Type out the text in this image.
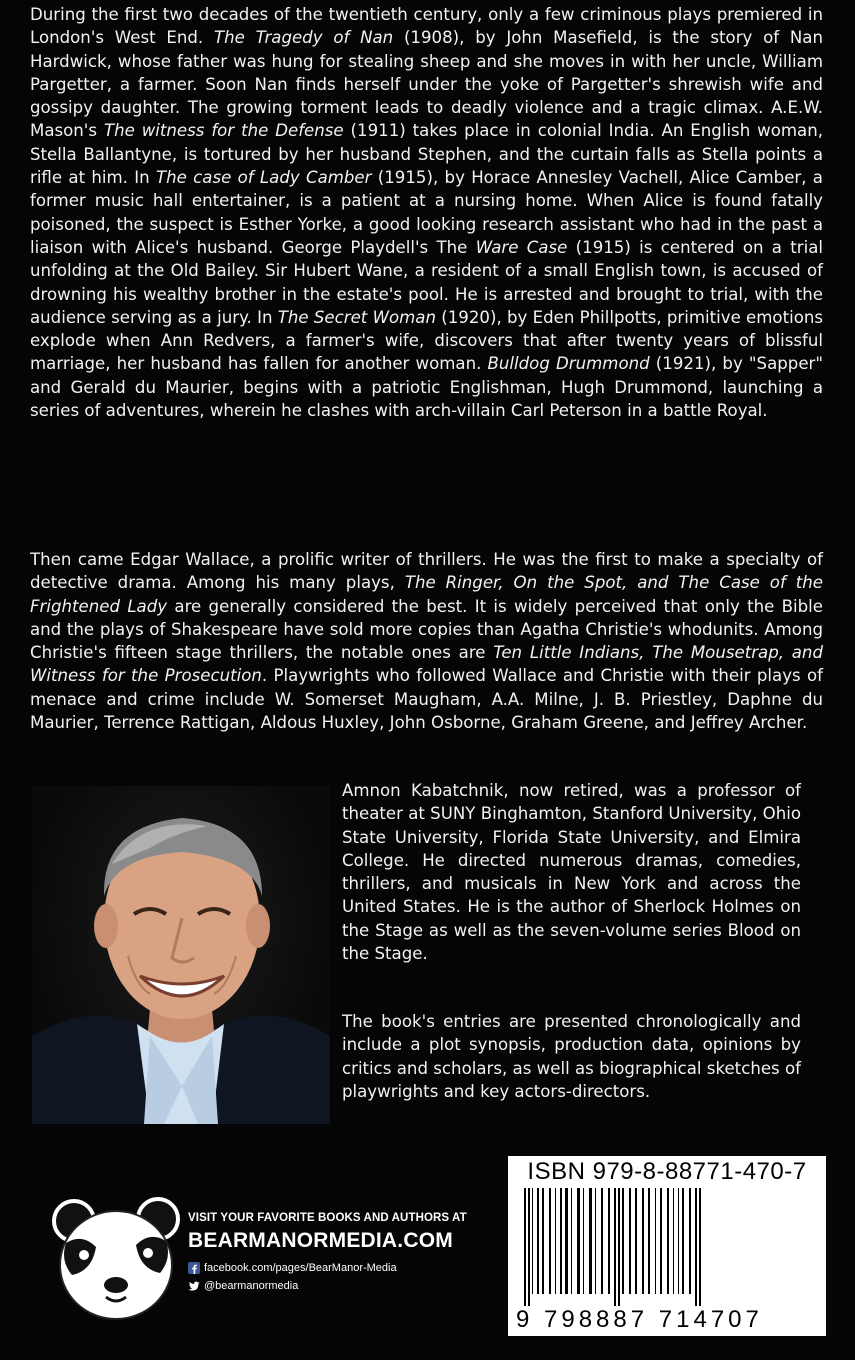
During the first two decades of the twentieth century, only a few criminous plays premiered in London's West End. The Tragedy of Nan (1908), by John Masefield, is the story of Nan Hardwick, whose father was hung for stealing sheep and she moves in with her uncle, William Pargetter, a farmer. Soon Nan finds herself under the yoke of Pargetter's shrewish wife and gossipy daughter. The growing torment leads to deadly violence and a tragic climax. A.E.W. Mason's The witness for the Defense (1911) takes place in colonial India. An English woman, Stella Ballantyne, is tortured by her husband Stephen, and the curtain falls as Stella points a rifle at him. In The case of Lady Camber (1915), by Horace Annesley Vachell, Alice Camber, a former music hall entertainer, is a patient at a nursing home. When Alice is found fatally poisoned, the suspect is Esther Yorke, a good looking research assistant who had in the past a liaison with Alice's husband. George Playdell's The Ware Case (1915) is centered on a trial unfolding at the Old Bailey. Sir Hubert Wane, a resident of a small English town, is accused of drowning his wealthy brother in the estate's pool. He is arrested and brought to trial, with the audience serving as a jury. In The Secret Woman (1920), by Eden Phillpotts, primitive emotions explode when Ann Redvers, a farmer's wife, discovers that after twenty years of blissful marriage, her husband has fallen for another woman. Bulldog Drummond (1921), by "Sapper" and Gerald du Maurier, begins with a patriotic Englishman, Hugh Drummond, launching a series of adventures, wherein he clashes with arch-villain Carl Peterson in a battle Royal.

Then came Edgar Wallace, a prolific writer of thrillers. He was the first to make a specialty of detective drama. Among his many plays, The Ringer, On the Spot, and The Case of the Frightened Lady are generally considered the best. It is widely perceived that only the Bible and the plays of Shakespeare have sold more copies than Agatha Christie's whodunits. Among Christie's fifteen stage thrillers, the notable ones are Ten Little Indians, The Mousetrap, and Witness for the Prosecution. Playwrights who followed Wallace and Christie with their plays of menace and crime include W. Somerset Maugham, A.A. Milne, J. B. Priestley, Daphne du Maurier, Terrence Rattigan, Aldous Huxley, John Osborne, Graham Greene, and Jeffrey Archer.

Amnon Kabatchnik, now retired, was a professor of theater at SUNY Binghamton, Stanford University, Ohio State University, Florida State University, and Elmira College. He directed numerous dramas, comedies, thrillers, and musicals in New York and across the United States. He is the author of Sherlock Holmes on the Stage as well as the seven-volume series Blood on the Stage.

The book's entries are presented chronologically and include a plot synopsis, production data, opinions by critics and scholars, as well as biographical sketches of playwrights and key actors-directors.

VISIT YOUR FAVORITE BOOKS AND AUTHORS AT
BEARMANORMEDIA.COM
facebook.com/pages/BearManor-Media
@bearmanormedia
ISBN 979-8-88771-470-7
9 798887 714707
